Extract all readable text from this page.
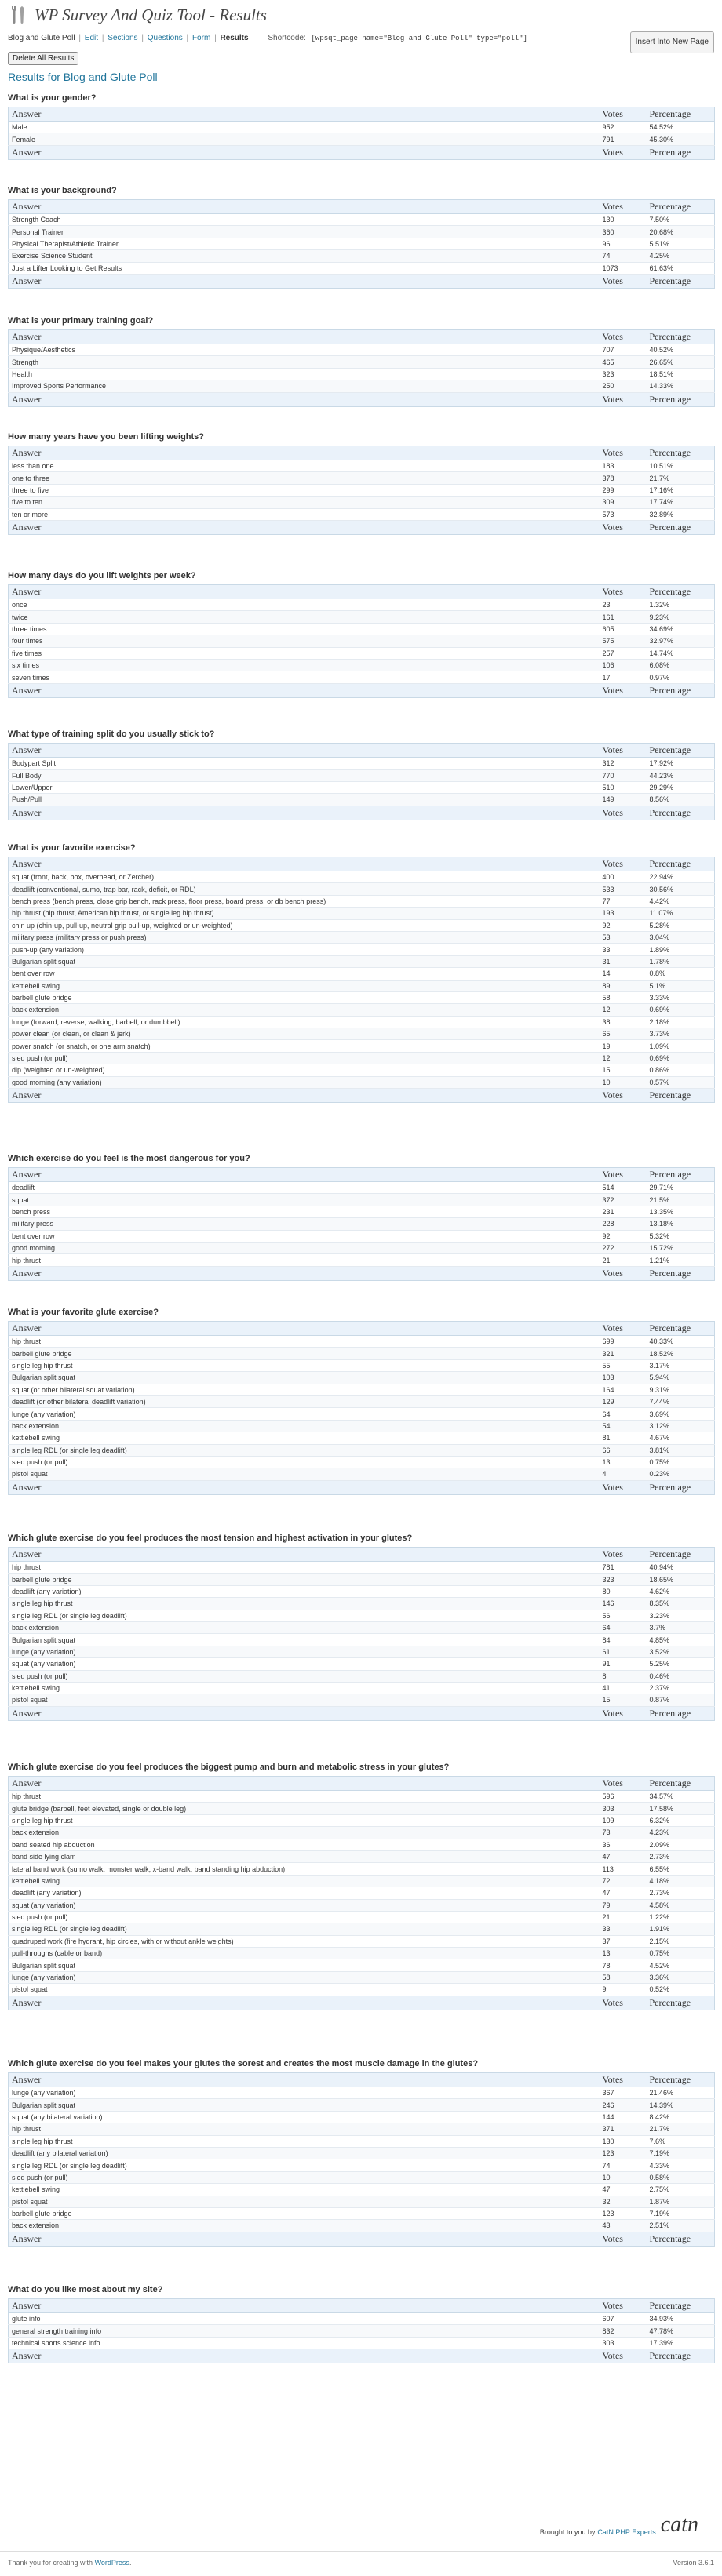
WP Survey And Quiz Tool - Results
Blog and Glute Poll | Edit | Sections | Questions | Form | Results Shortcode: [wpsqt_page name="Blog and Glute Poll" type="poll"]	Insert Into New Page
Delete All Results
Results for Blog and Glute Poll
What is your gender?
Answer	Votes	Percentage
Male	952	54.52%
Female	791	45.30%
Answer	Votes	Percentage
What is your background?
Answer	Votes	Percentage
Strength Coach	130	7.50%
Personal Trainer	360	20.68%
Physical Therapist/Athletic Trainer	96	5.51%
Exercise Science Student	74	4.25%
Just a Lifter Looking to Get Results	1073	61.63%
Answer	Votes	Percentage
What is your primary training goal?
Answer	Votes	Percentage
Physique/Aesthetics	707	40.52%
Strength	465	26.65%
Health	323	18.51%
Improved Sports Performance	250	14.33%
Answer	Votes	Percentage
How many years have you been lifting weights?
Answer	Votes	Percentage
less than one	183	10.51%
one to three	378	21.7%
three to five	299	17.16%
five to ten	309	17.74%
ten or more	573	32.89%
Answer	Votes	Percentage
How many days do you lift weights per week?
Answer	Votes	Percentage
once	23	1.32%
twice	161	9.23%
three times	605	34.69%
four times	575	32.97%
five times	257	14.74%
six times	106	6.08%
seven times	17	0.97%
Answer	Votes	Percentage
What type of training split do you usually stick to?
Answer	Votes	Percentage
Bodypart Split	312	17.92%
Full Body	770	44.23%
Lower/Upper	510	29.29%
Push/Pull	149	8.56%
Answer	Votes	Percentage
What is your favorite exercise?
Answer	Votes	Percentage
squat (front, back, box, overhead, or Zercher)	400	22.94%
deadlift (conventional, sumo, trap bar, rack, deficit, or RDL)	533	30.56%
bench press (bench press, close grip bench, rack press, floor press, board press, or db bench press)	77	4.42%
hip thrust (hip thrust, American hip thrust, or single leg hip thrust)	193	11.07%
chin up (chin-up, pull-up, neutral grip pull-up, weighted or un-weighted)	92	5.28%
military press (military press or push press)	53	3.04%
push-up (any variation)	33	1.89%
Bulgarian split squat	31	1.78%
bent over row	14	0.8%
kettlebell swing	89	5.1%
barbell glute bridge	58	3.33%
back extension	12	0.69%
lunge (forward, reverse, walking, barbell, or dumbbell)	38	2.18%
power clean (or clean, or clean & jerk)	65	3.73%
power snatch (or snatch, or one arm snatch)	19	1.09%
sled push (or pull)	12	0.69%
dip (weighted or un-weighted)	15	0.86%
good morning (any variation)	10	0.57%
Answer	Votes	Percentage
Which exercise do you feel is the most dangerous for you?
Answer	Votes	Percentage
deadlift	514	29.71%
squat	372	21.5%
bench press	231	13.35%
military press	228	13.18%
bent over row	92	5.32%
good morning	272	15.72%
hip thrust	21	1.21%
Answer	Votes	Percentage
What is your favorite glute exercise?
Answer	Votes	Percentage
hip thrust	699	40.33%
barbell glute bridge	321	18.52%
single leg hip thrust	55	3.17%
Bulgarian split squat	103	5.94%
squat (or other bilateral squat variation)	164	9.31%
deadlift (or other bilateral deadlift variation)	129	7.44%
lunge (any variation)	64	3.69%
back extension	54	3.12%
kettlebell swing	81	4.67%
single leg RDL (or single leg deadlift)	66	3.81%
sled push (or pull)	13	0.75%
pistol squat	4	0.23%
Answer	Votes	Percentage
Which glute exercise do you feel produces the most tension and highest activation in your glutes?
Answer	Votes	Percentage
hip thrust	781	40.94%
barbell glute bridge	323	18.65%
deadlift (any variation)	80	4.62%
single leg hip thrust	146	8.35%
single leg RDL (or single leg deadlift)	56	3.23%
back extension	64	3.7%
Bulgarian split squat	84	4.85%
lunge (any variation)	61	3.52%
squat (any variation)	91	5.25%
sled push (or pull)	8	0.46%
kettlebell swing	41	2.37%
pistol squat	15	0.87%
Answer	Votes	Percentage
Which glute exercise do you feel produces the biggest pump and burn and metabolic stress in your glutes?
Answer	Votes	Percentage
hip thrust	596	34.57%
glute bridge (barbell, feet elevated, single or double leg)	303	17.58%
single leg hip thrust	109	6.32%
back extension	73	4.23%
band seated hip abduction	36	2.09%
band side lying clam	47	2.73%
lateral band work (sumo walk, monster walk, x-band walk, band standing hip abduction)	113	6.55%
kettlebell swing	72	4.18%
deadlift (any variation)	47	2.73%
squat (any variation)	79	4.58%
sled push (or pull)	21	1.22%
single leg RDL (or single leg deadlift)	33	1.91%
quadruped work (fire hydrant, hip circles, with or without ankle weights)	37	2.15%
pull-throughs (cable or band)	13	0.75%
Bulgarian split squat	78	4.52%
lunge (any variation)	58	3.36%
pistol squat	9	0.52%
Answer	Votes	Percentage
Which glute exercise do you feel makes your glutes the sorest and creates the most muscle damage in the glutes?
Answer	Votes	Percentage
lunge (any variation)	367	21.46%
Bulgarian split squat	246	14.39%
squat (any bilateral variation)	144	8.42%
hip thrust	371	21.7%
single leg hip thrust	130	7.6%
deadlift (any bilateral variation)	123	7.19%
single leg RDL (or single leg deadlift)	74	4.33%
sled push (or pull)	10	0.58%
kettlebell swing	47	2.75%
pistol squat	32	1.87%
barbell glute bridge	123	7.19%
back extension	43	2.51%
Answer	Votes	Percentage
What do you like most about my site?
Answer	Votes	Percentage
glute info	607	34.93%
general strength training info	832	47.78%
technical sports science info	303	17.39%
Answer	Votes	Percentage
Brought to you by CatN PHP Experts catn
Thank you for creating with WordPress.	Version 3.6.1
